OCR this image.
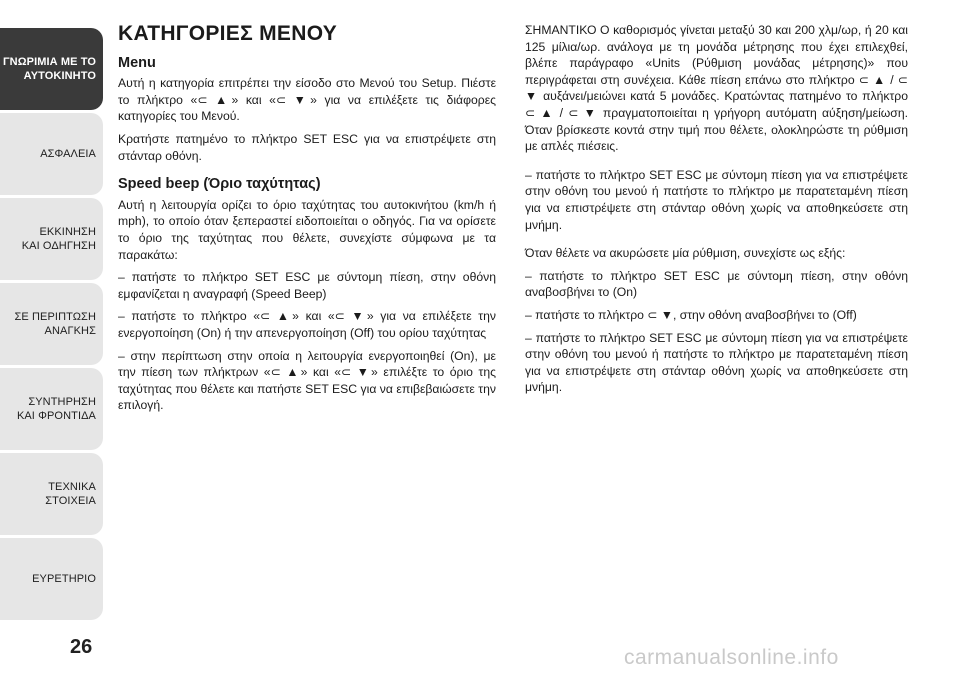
ΓΝΩΡΙΜΙΑ ΜΕ ΤΟ
ΑΥΤΟΚΙΝΗΤΟ
ΑΣΦΑΛΕΙΑ
ΕΚΚΙΝΗΣΗ
ΚΑΙ ΟΔΗΓΗΣΗ
ΣΕ ΠΕΡΙΠΤΩΣΗ
ΑΝΑΓΚΗΣ
ΣΥΝΤΗΡΗΣΗ
ΚΑΙ ΦΡΟΝΤΙΔΑ
ΤΕΧΝΙΚΑ
ΣΤΟΙΧΕΙΑ
ΕΥΡΕΤΗΡΙΟ
26
ΚΑΤΗΓΟΡΙΕΣ ΜΕΝΟΥ
Menu

Αυτή η κατηγορία επιτρέπει την είσοδο στο Μενού του Setup. Πιέστε το πλήκτρο «⊂ ▲» και «⊂ ▼» για να επιλέξετε τις διάφορες κατηγορίες του Μενού.

Κρατήστε πατημένο το πλήκτρο SET ESC για να επιστρέψετε στη στάνταρ οθόνη.

Speed beep (Όριο ταχύτητας)

Αυτή η λειτουργία ορίζει το όριο ταχύτητας του αυτοκινήτου (km/h ή mph), το οποίο όταν ξεπεραστεί ειδοποιείται ο οδηγός. Για να ορίσετε το όριο της ταχύτητας που θέλετε, συνεχίστε σύμφωνα με τα παρακάτω:

– πατήστε το πλήκτρο SET ESC με σύντομη πίεση, στην οθόνη εμφανίζεται η αναγραφή (Speed Beep)

– πατήστε το πλήκτρο «⊂ ▲» και «⊂ ▼» για να επιλέξετε την ενεργοποίηση (On) ή την απενεργοποίηση (Off) του ορίου ταχύτητας

– στην περίπτωση στην οποία η λειτουργία ενεργοποιηθεί (On), με την πίεση των πλήκτρων «⊂ ▲» και «⊂ ▼» επιλέξτε το όριο της ταχύτητας που θέλετε και πατήστε SET ESC για να επιβεβαιώσετε την επιλογή.

ΣΗΜΑΝΤΙΚΟ Ο καθορισμός γίνεται μεταξύ 30 και 200 χλμ/ωρ, ή 20 και 125 μίλια/ωρ. ανάλογα με τη μονάδα μέτρησης που έχει επιλεχθεί, βλέπε παράγραφο «Units (Ρύθμιση μονάδας μέτρησης)» που περιγράφεται στη συνέχεια. Κάθε πίεση επάνω στο πλήκτρο ⊂ ▲ / ⊂ ▼ αυξάνει/μειώνει κατά 5 μονάδες. Κρατώντας πατημένο το πλήκτρο ⊂ ▲ / ⊂ ▼ πραγματοποιείται η γρήγορη αυτόματη αύξηση/μείωση. Όταν βρίσκεστε κοντά στην τιμή που θέλετε, ολοκληρώστε τη ρύθμιση με απλές πιέσεις.

– πατήστε το πλήκτρο SET ESC με σύντομη πίεση για να επιστρέψετε στην οθόνη του μενού ή πατήστε το πλήκτρο με παρατεταμένη πίεση για να επιστρέψετε στη στάνταρ οθόνη χωρίς να αποθηκεύσετε στη μνήμη.

Όταν θέλετε να ακυρώσετε μία ρύθμιση, συνεχίστε ως εξής:

– πατήστε το πλήκτρο SET ESC με σύντομη πίεση, στην οθόνη αναβοσβήνει το (On)

– πατήστε το πλήκτρο ⊂ ▼, στην οθόνη αναβοσβήνει το (Off)

– πατήστε το πλήκτρο SET ESC με σύντομη πίεση για να επιστρέψετε στην οθόνη του μενού ή πατήστε το πλήκτρο με παρατεταμένη πίεση για να επιστρέψετε στη στάνταρ οθόνη χωρίς να αποθηκεύσετε στη μνήμη.

carmanualsonline.info
